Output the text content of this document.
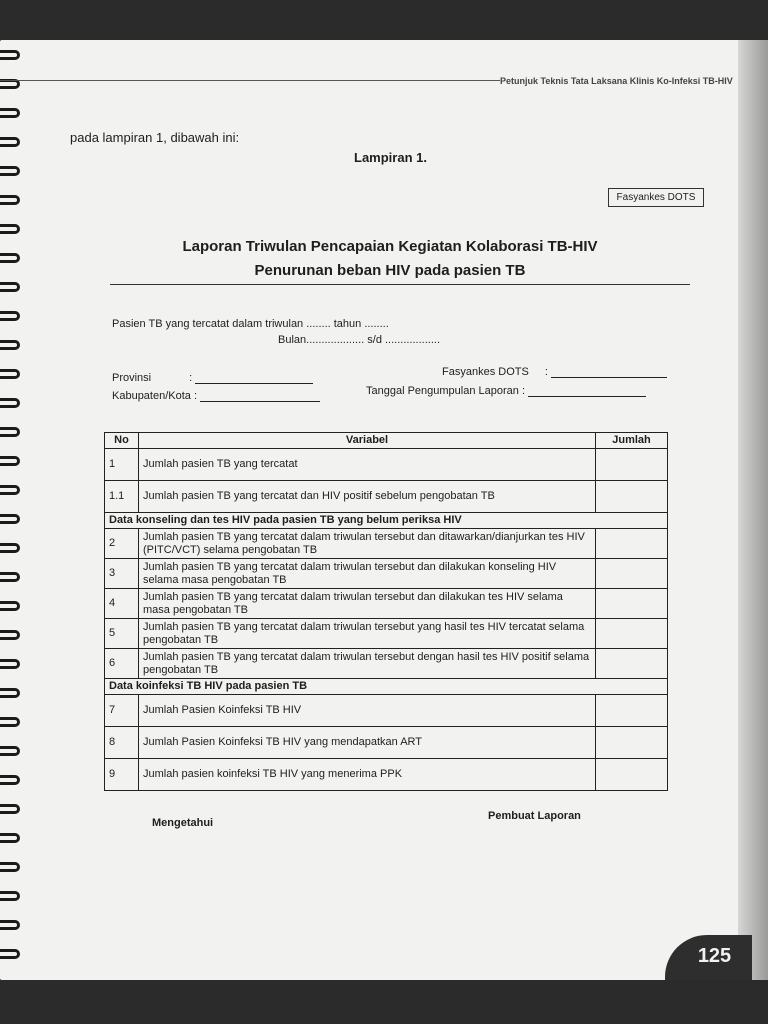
Petunjuk Teknis Tata Laksana Klinis Ko-Infeksi TB-HIV
pada lampiran 1, dibawah ini:
Lampiran 1.
Fasyankes DOTS
Laporan Triwulan Pencapaian Kegiatan Kolaborasi TB-HIV
Penurunan beban HIV pada pasien TB
Pasien TB yang tercatat dalam triwulan ........ tahun ........
Bulan................... s/d ..................
Provinsi	:
Kabupaten/Kota :
Fasyankes DOTS :
Tanggal Pengumpulan Laporan :
No	Variabel	Jumlah
1	Jumlah pasien TB yang tercatat	
1.1	Jumlah pasien TB yang tercatat dan HIV positif sebelum pengobatan TB	
Data konseling dan tes HIV pada pasien TB yang belum periksa HIV		
2	Jumlah pasien TB yang tercatat dalam triwulan tersebut dan ditawarkan/dianjurkan tes HIV (PITC/VCT) selama pengobatan TB	
3	Jumlah pasien TB yang tercatat dalam triwulan tersebut dan dilakukan konseling HIV selama masa pengobatan TB	
4	Jumlah pasien TB yang tercatat dalam triwulan tersebut dan dilakukan tes HIV selama masa pengobatan TB	
5	Jumlah pasien TB yang tercatat dalam triwulan tersebut yang hasil tes HIV tercatat selama pengobatan TB	
6	Jumlah pasien TB yang tercatat dalam triwulan tersebut dengan hasil tes HIV positif selama pengobatan TB	
Data koinfeksi TB HIV pada pasien TB		
7	Jumlah Pasien Koinfeksi TB HIV	
8	Jumlah Pasien Koinfeksi TB HIV yang mendapatkan ART	
9	Jumlah pasien koinfeksi TB HIV yang menerima PPK	
Mengetahui
Pembuat Laporan
125
